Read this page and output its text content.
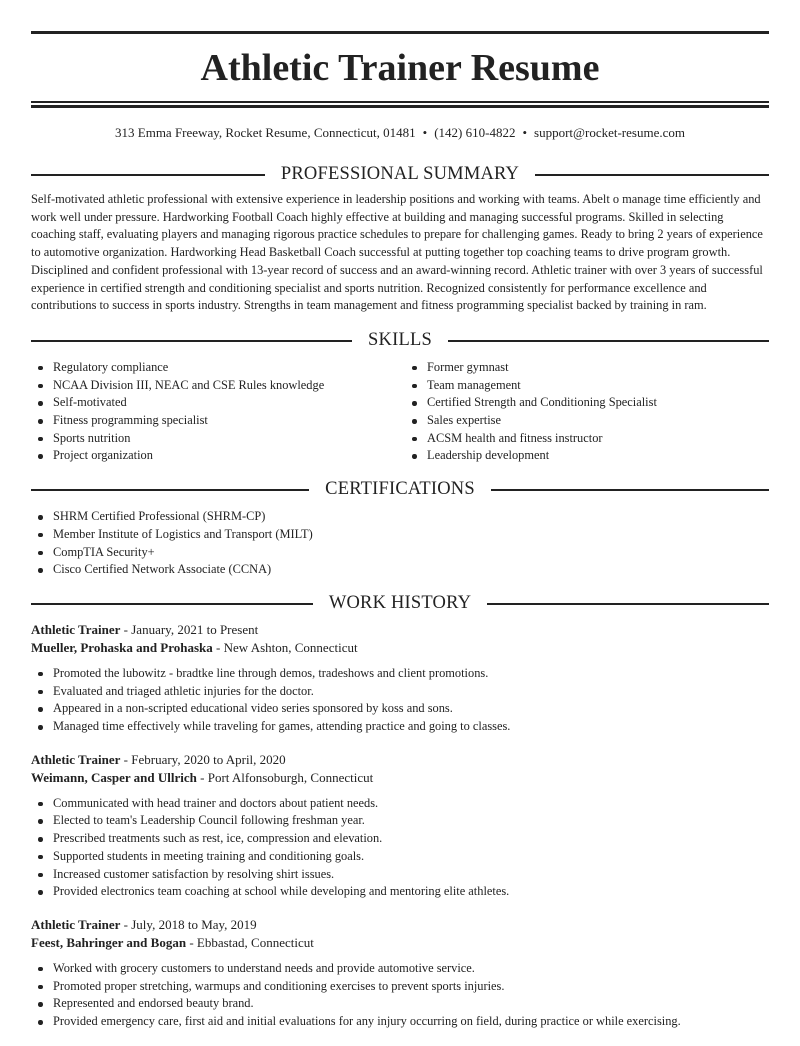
Athletic Trainer Resume
313 Emma Freeway, Rocket Resume, Connecticut, 01481 • (142) 610-4822 • support@rocket-resume.com
PROFESSIONAL SUMMARY

Self-motivated athletic professional with extensive experience in leadership positions and working with teams. Abelt o manage time efficiently and work well under pressure. Hardworking Football Coach highly effective at building and managing successful programs. Skilled in selecting coaching staff, evaluating players and managing rigorous practice schedules to prepare for challenging games. Ready to bring 2 years of experience to automotive organization. Hardworking Head Basketball Coach successful at putting together top coaching teams to drive program growth. Disciplined and confident professional with 13-year record of success and an award-winning record. Athletic trainer with over 3 years of successful experience in certified strength and conditioning specialist and sports nutrition. Recognized consistently for performance excellence and contributions to success in sports industry. Strengths in team management and fitness programming specialist backed by training in ram.

SKILLS
Regulatory compliance
NCAA Division III, NEAC and CSE Rules knowledge
Self-motivated
Fitness programming specialist
Sports nutrition
Project organization
Former gymnast
Team management
Certified Strength and Conditioning Specialist
Sales expertise
ACSM health and fitness instructor
Leadership development
CERTIFICATIONS
SHRM Certified Professional (SHRM-CP)
Member Institute of Logistics and Transport (MILT)
CompTIA Security+
Cisco Certified Network Associate (CCNA)
WORK HISTORY
Athletic Trainer - January, 2021 to Present
Mueller, Prohaska and Prohaska - New Ashton, Connecticut
Promoted the lubowitz - bradtke line through demos, tradeshows and client promotions.
Evaluated and triaged athletic injuries for the doctor.
Appeared in a non-scripted educational video series sponsored by koss and sons.
Managed time effectively while traveling for games, attending practice and going to classes.
Athletic Trainer - February, 2020 to April, 2020
Weimann, Casper and Ullrich - Port Alfonsoburgh, Connecticut
Communicated with head trainer and doctors about patient needs.
Elected to team's Leadership Council following freshman year.
Prescribed treatments such as rest, ice, compression and elevation.
Supported students in meeting training and conditioning goals.
Increased customer satisfaction by resolving shirt issues.
Provided electronics team coaching at school while developing and mentoring elite athletes.
Athletic Trainer - July, 2018 to May, 2019
Feest, Bahringer and Bogan - Ebbastad, Connecticut
Worked with grocery customers to understand needs and provide automotive service.
Promoted proper stretching, warmups and conditioning exercises to prevent sports injuries.
Represented and endorsed beauty brand.
Provided emergency care, first aid and initial evaluations for any injury occurring on field, during practice or while exercising.
